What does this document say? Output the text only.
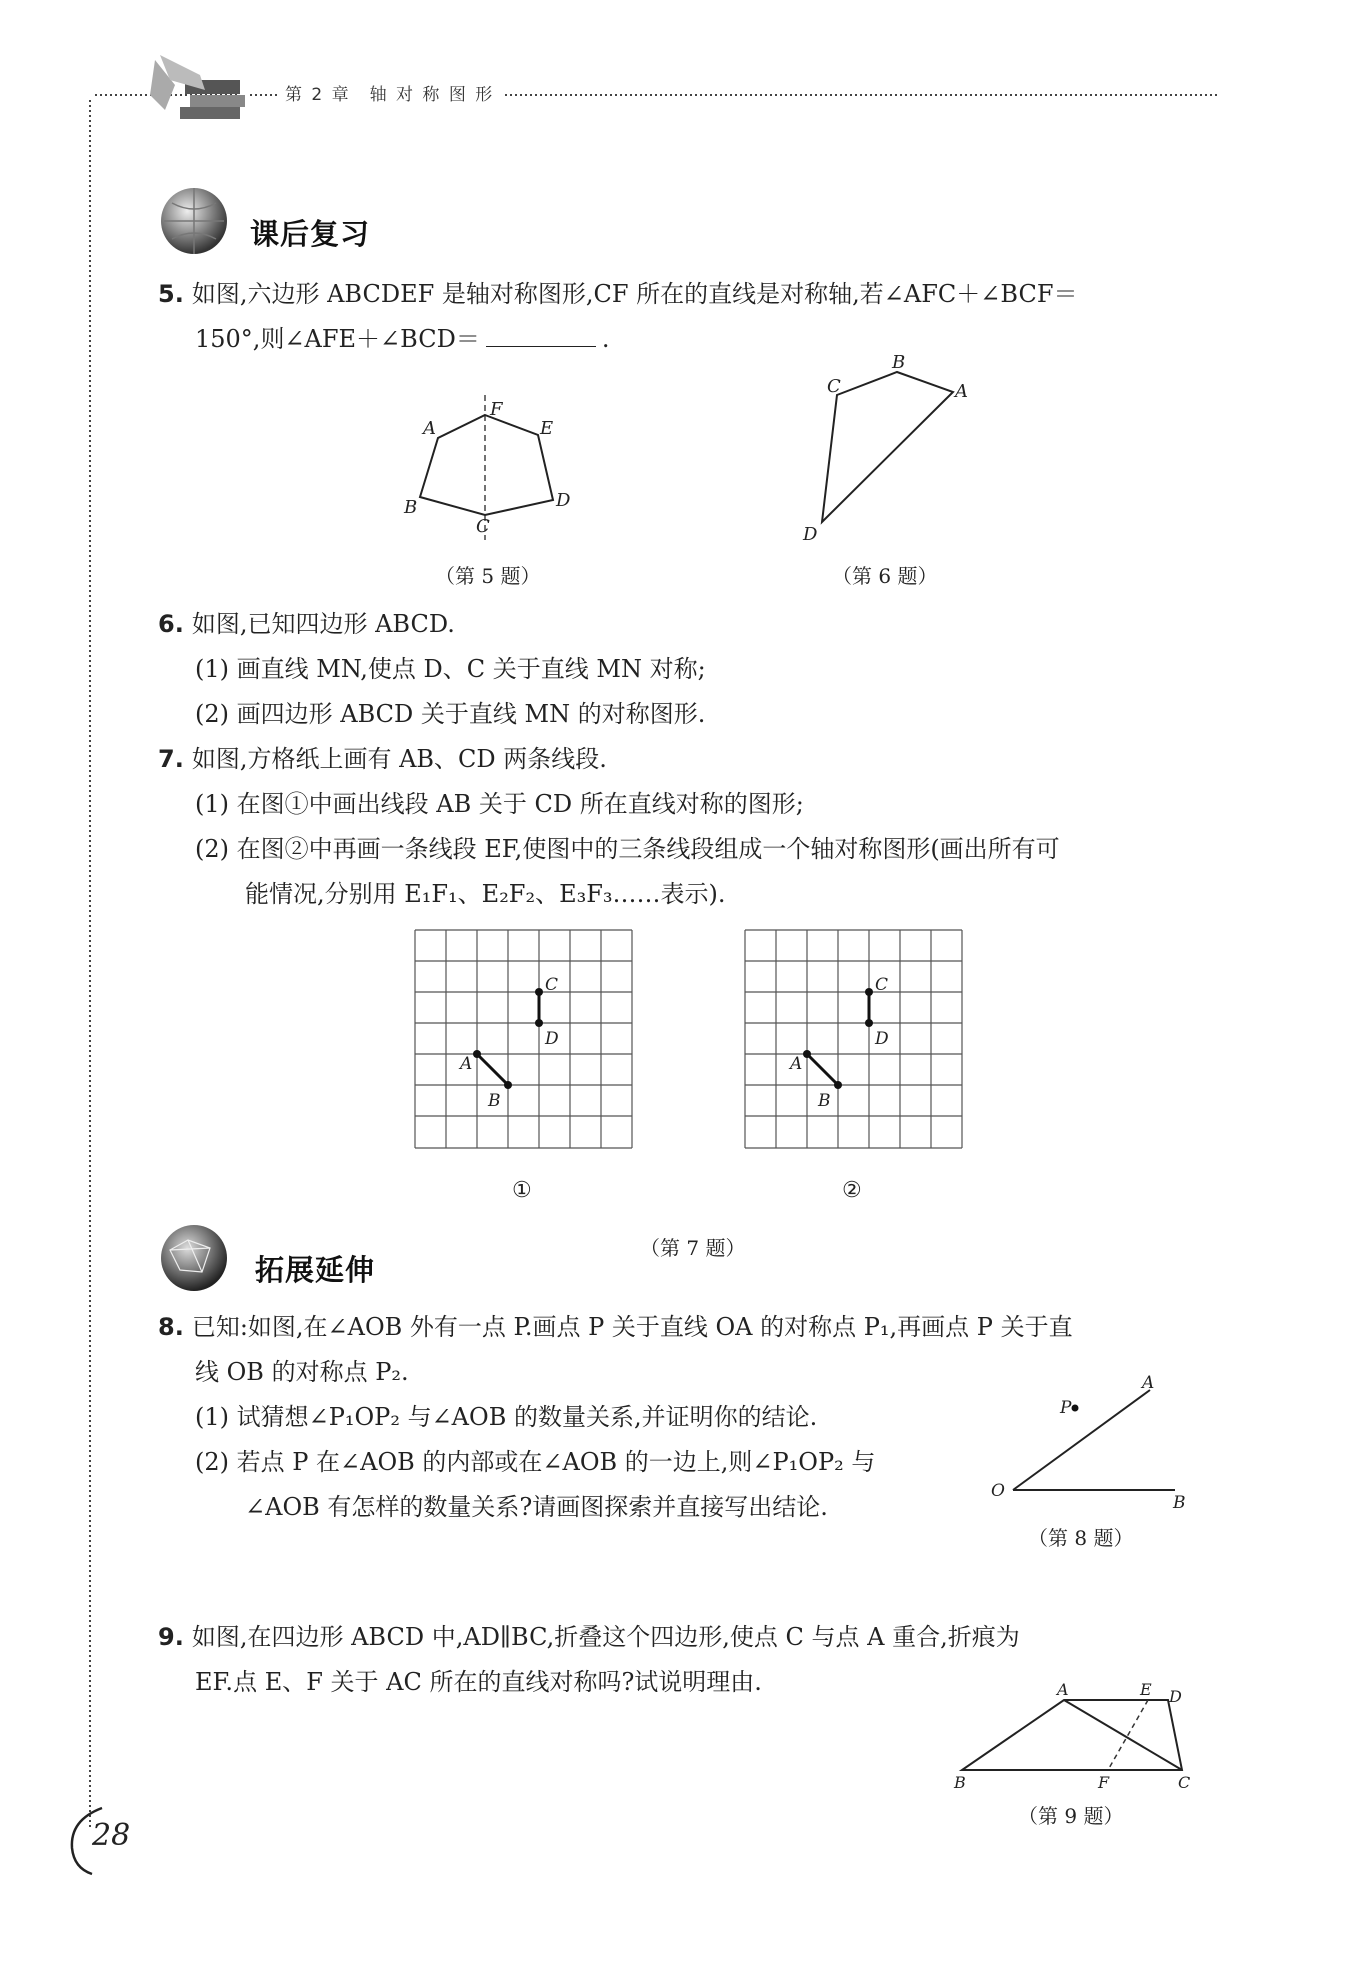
第 2 章　轴 对 称 图 形
课后复习
5. 如图,六边形 ABCDEF 是轴对称图形,CF 所在的直线是对称轴,若∠AFC＋∠BCF＝
150°,则∠AFE＋∠BCD＝	.
F
E
A
B
C
D
（第 5 题）
B
A
C
D
（第 6 题）
6. 如图,已知四边形 ABCD.
(1) 画直线 MN,使点 D、C 关于直线 MN 对称;
(2) 画四边形 ABCD 关于直线 MN 的对称图形.
7. 如图,方格纸上画有 AB、CD 两条线段.
(1) 在图①中画出线段 AB 关于 CD 所在直线对称的图形;
(2) 在图②中再画一条线段 EF,使图中的三条线段组成一个轴对称图形(画出所有可
能情况,分别用 E₁F₁、E₂F₂、E₃F₃……表示).
C
D
A
B
C
D
A
B
①	②
（第 7 题）
拓展延伸
8. 已知:如图,在∠AOB 外有一点 P.画点 P 关于直线 OA 的对称点 P₁,再画点 P 关于直
线 OB 的对称点 P₂.
(1) 试猜想∠P₁OP₂ 与∠AOB 的数量关系,并证明你的结论.
(2) 若点 P 在∠AOB 的内部或在∠AOB 的一边上,则∠P₁OP₂ 与
∠AOB 有怎样的数量关系?请画图探索并直接写出结论.
P
A
O
B
（第 8 题）
9. 如图,在四边形 ABCD 中,AD∥BC,折叠这个四边形,使点 C 与点 A 重合,折痕为
EF.点 E、F 关于 AC 所在的直线对称吗?试说明理由.	A	E D
B	F	C
（第 9 题）
28
